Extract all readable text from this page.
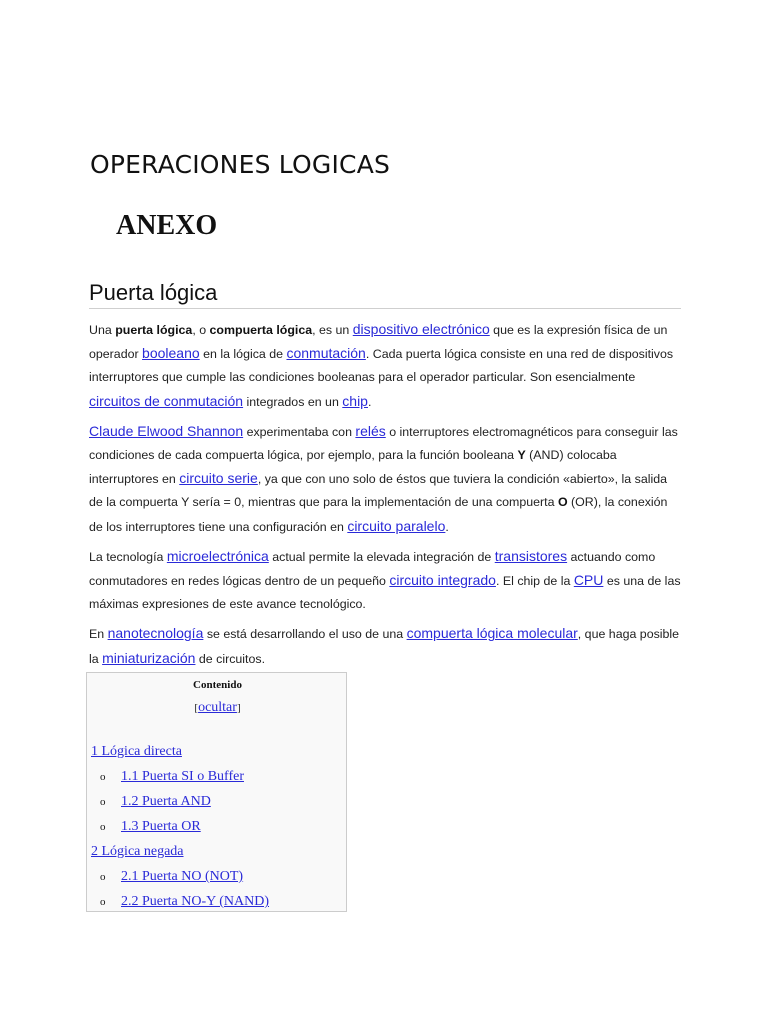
OPERACIONES LOGICAS
ANEXO
Puerta lógica

Una puerta lógica, o compuerta lógica, es un dispositivo electrónico que es la expresión física de un operador booleano en la lógica de conmutación. Cada puerta lógica consiste en una red de dispositivos interruptores que cumple las condiciones booleanas para el operador particular. Son esencialmente circuitos de conmutación integrados en un chip.

Claude Elwood Shannon experimentaba con relés o interruptores electromagnéticos para conseguir las condiciones de cada compuerta lógica, por ejemplo, para la función booleana Y (AND) colocaba interruptores en circuito serie, ya que con uno solo de éstos que tuviera la condición «abierto», la salida de la compuerta Y sería = 0, mientras que para la implementación de una compuerta O (OR), la conexión de los interruptores tiene una configuración en circuito paralelo.

La tecnología microelectrónica actual permite la elevada integración de transistores actuando como conmutadores en redes lógicas dentro de un pequeño circuito integrado. El chip de la CPU es una de las máximas expresiones de este avance tecnológico.

En nanotecnología se está desarrollando el uso de una compuerta lógica molecular, que haga posible la miniaturización de circuitos.

Contenido
[ocultar]
1 Lógica directa
o 1.1 Puerta SI o Buffer
o 1.2 Puerta AND
o 1.3 Puerta OR
2 Lógica negada
o 2.1 Puerta NO (NOT)
o 2.2 Puerta NO-Y (NAND)
